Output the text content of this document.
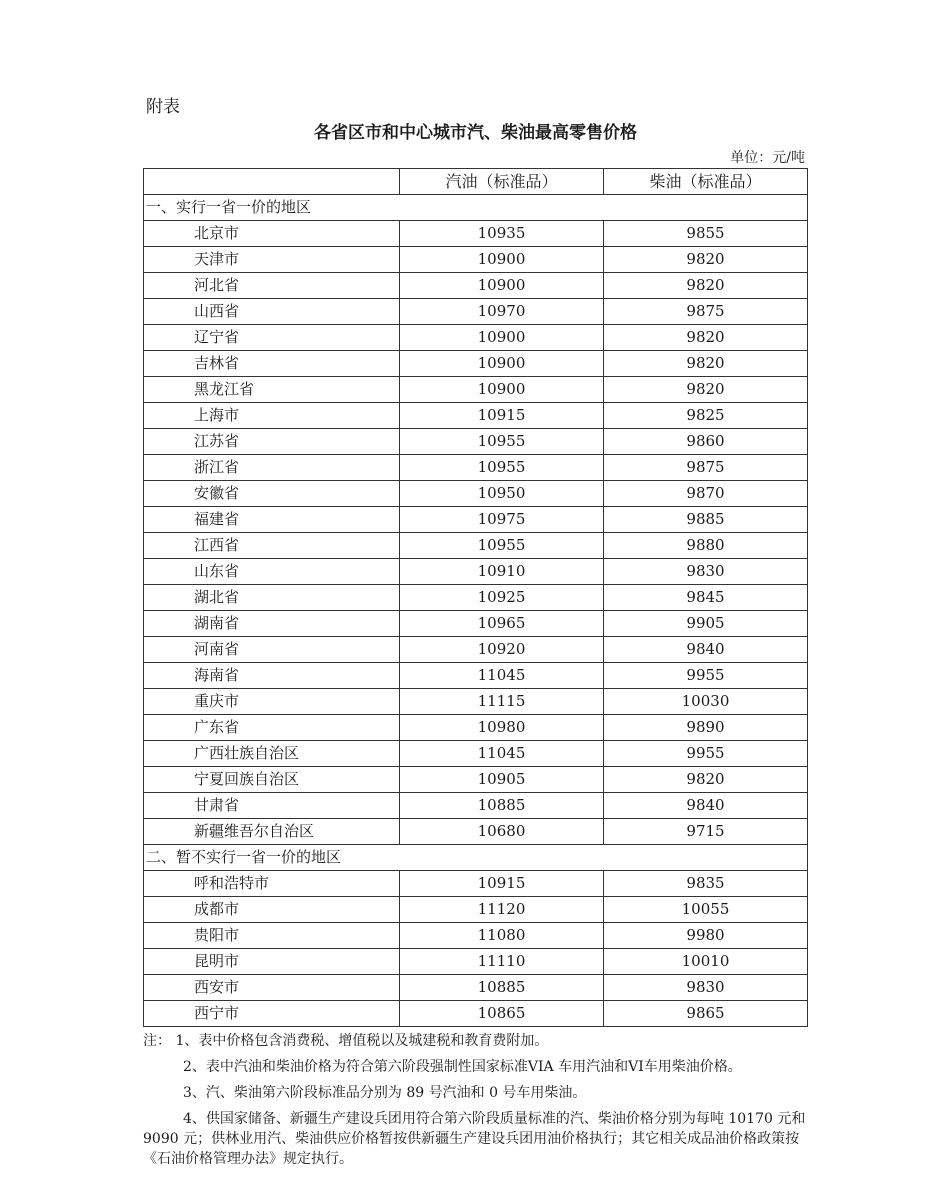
附表
各省区市和中心城市汽、柴油最高零售价格
单位：元/吨
	汽油（标准品）	柴油（标准品）
一、实行一省一价的地区		
北京市	10935	9855
天津市	10900	9820
河北省	10900	9820
山西省	10970	9875
辽宁省	10900	9820
吉林省	10900	9820
黑龙江省	10900	9820
上海市	10915	9825
江苏省	10955	9860
浙江省	10955	9875
安徽省	10950	9870
福建省	10975	9885
江西省	10955	9880
山东省	10910	9830
湖北省	10925	9845
湖南省	10965	9905
河南省	10920	9840
海南省	11045	9955
重庆市	11115	10030
广东省	10980	9890
广西壮族自治区	11045	9955
宁夏回族自治区	10905	9820
甘肃省	10885	9840
新疆维吾尔自治区	10680	9715
二、暂不实行一省一价的地区		
呼和浩特市	10915	9835
成都市	11120	10055
贵阳市	11080	9980
昆明市	11110	10010
西安市	10885	9830
西宁市	10865	9865

注： 1、表中价格包含消费税、增值税以及城建税和教育费附加。

2、表中汽油和柴油价格为符合第六阶段强制性国家标准VIA 车用汽油和VI车用柴油价格。

3、汽、柴油第六阶段标准品分别为 89 号汽油和 0 号车用柴油。

4、供国家储备、新疆生产建设兵团用符合第六阶段质量标准的汽、柴油价格分别为每吨 10170 元和 9090 元；供林业用汽、柴油供应价格暂按供新疆生产建设兵团用油价格执行；其它相关成品油价格政策按《石油价格管理办法》规定执行。
